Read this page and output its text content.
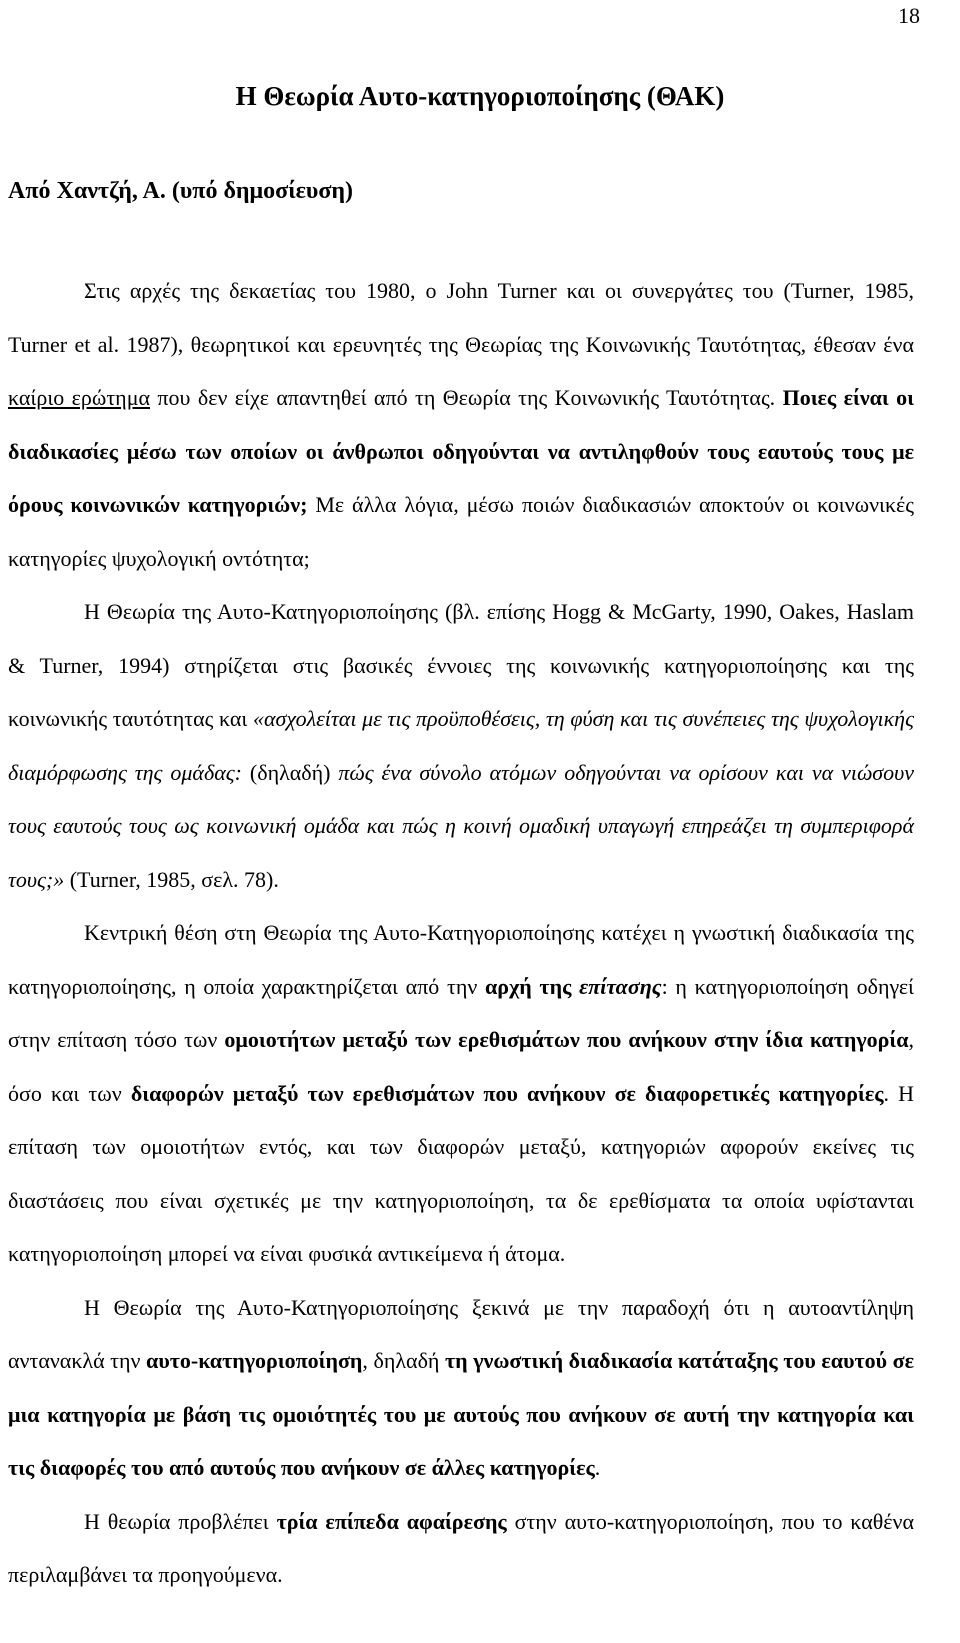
18
Η Θεωρία Αυτο-κατηγοριοποίησης (ΘΑΚ)
Από Χαντζή, Α. (υπό δημοσίευση)

Στις αρχές της δεκαετίας του 1980, ο John Turner και οι συνεργάτες του (Turner, 1985, Turner et al. 1987), θεωρητικοί και ερευνητές της Θεωρίας της Κοινωνικής Ταυτότητας, έθεσαν ένα καίριο ερώτημα που δεν είχε απαντηθεί από τη Θεωρία της Κοινωνικής Ταυτότητας. Ποιες είναι οι διαδικασίες μέσω των οποίων οι άνθρωποι οδηγούνται να αντιληφθούν τους εαυτούς τους με όρους κοινωνικών κατηγοριών; Με άλλα λόγια, μέσω ποιών διαδικασιών αποκτούν οι κοινωνικές κατηγορίες ψυχολογική οντότητα;

Η Θεωρία της Αυτο-Κατηγοριοποίησης (βλ. επίσης Hogg & McGarty, 1990, Oakes, Haslam & Turner, 1994) στηρίζεται στις βασικές έννοιες της κοινωνικής κατηγοριοποίησης και της κοινωνικής ταυτότητας και «ασχολείται με τις προϋποθέσεις, τη φύση και τις συνέπειες της ψυχολογικής διαμόρφωσης της ομάδας: (δηλαδή) πώς ένα σύνολο ατόμων οδηγούνται να ορίσουν και να νιώσουν τους εαυτούς τους ως κοινωνική ομάδα και πώς η κοινή ομαδική υπαγωγή επηρεάζει τη συμπεριφορά τους;» (Turner, 1985, σελ. 78).

Κεντρική θέση στη Θεωρία της Αυτο-Κατηγοριοποίησης κατέχει η γνωστική διαδικασία της κατηγοριοποίησης, η οποία χαρακτηρίζεται από την αρχή της επίτασης: η κατηγοριοποίηση οδηγεί στην επίταση τόσο των ομοιοτήτων μεταξύ των ερεθισμάτων που ανήκουν στην ίδια κατηγορία, όσο και των διαφορών μεταξύ των ερεθισμάτων που ανήκουν σε διαφορετικές κατηγορίες. Η επίταση των ομοιοτήτων εντός, και των διαφορών μεταξύ, κατηγοριών αφορούν εκείνες τις διαστάσεις που είναι σχετικές με την κατηγοριοποίηση, τα δε ερεθίσματα τα οποία υφίστανται κατηγοριοποίηση μπορεί να είναι φυσικά αντικείμενα ή άτομα.

Η Θεωρία της Αυτο-Κατηγοριοποίησης ξεκινά με την παραδοχή ότι η αυτοαντίληψη αντανακλά την αυτο-κατηγοριοποίηση, δηλαδή τη γνωστική διαδικασία κατάταξης του εαυτού σε μια κατηγορία με βάση τις ομοιότητές του με αυτούς που ανήκουν σε αυτή την κατηγορία και τις διαφορές του από αυτούς που ανήκουν σε άλλες κατηγορίες.

Η θεωρία προβλέπει τρία επίπεδα αφαίρεσης στην αυτο-κατηγοριοποίηση, που το καθένα περιλαμβάνει τα προηγούμενα.
